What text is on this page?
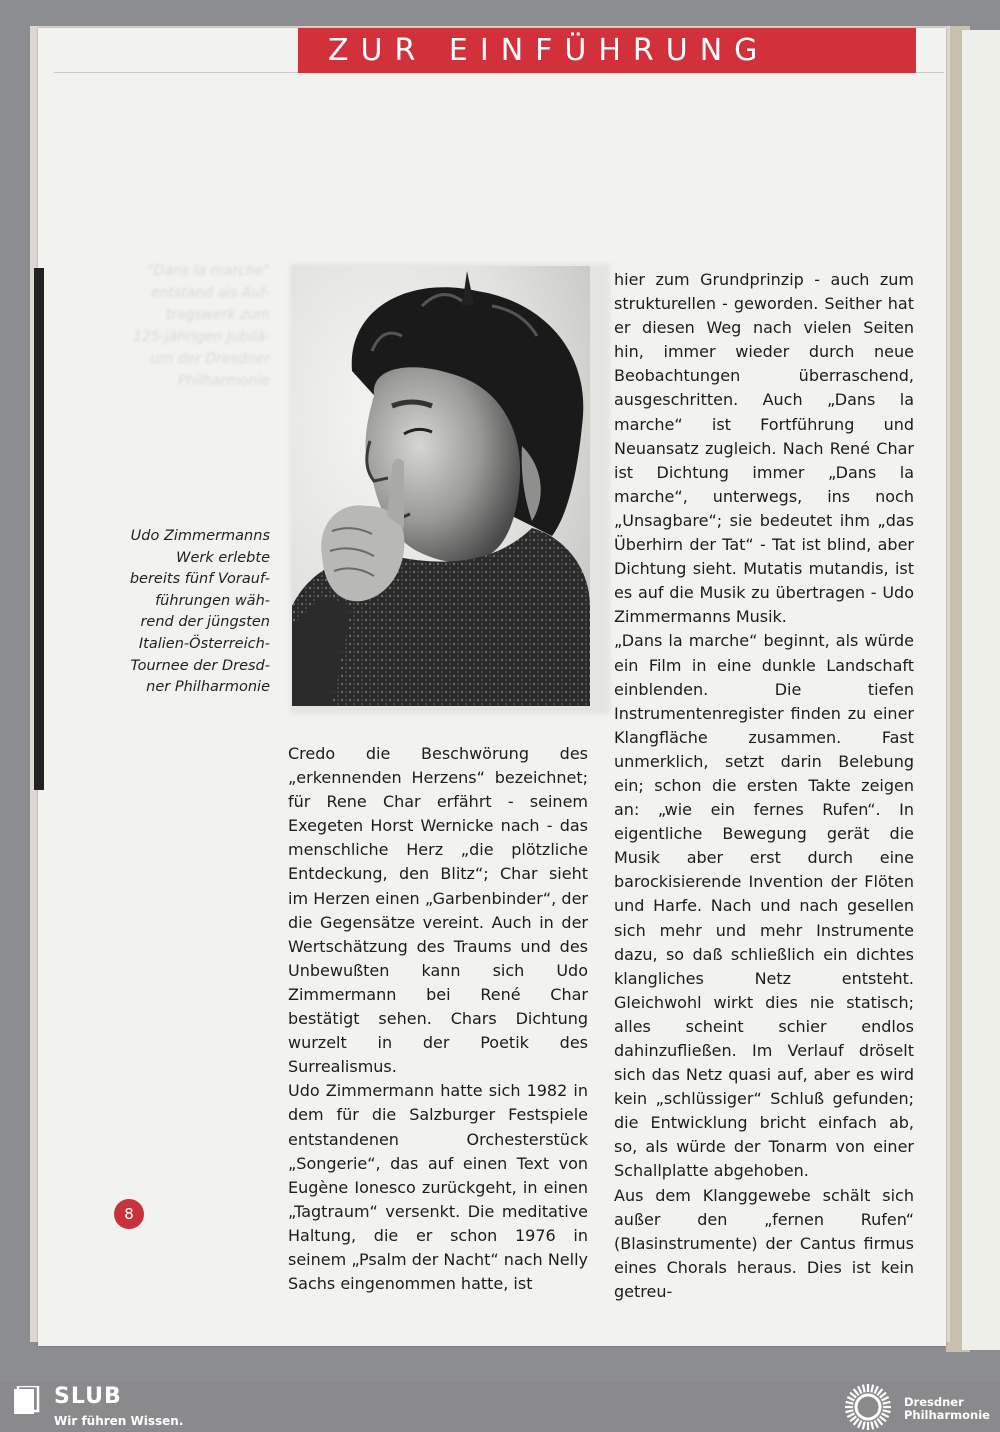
ZUR EINFÜHRUNG
"Dans la marche"
entstand als Auf-
tragswerk zum
125-jährigen Jubilä-
um der Dresdner
Philharmonie
Udo Zimmermanns
Werk erlebte
bereits fünf Vorauf-
führungen wäh-
rend der jüngsten
Italien-Österreich-
Tournee der Dresd-
ner Philharmonie

Credo die Beschwörung des „erkennenden Herzens“ bezeichnet; für Rene Char erfährt - seinem Exegeten Horst Wernicke nach - das menschliche Herz „die plötzliche Entdeckung, den Blitz“; Char sieht im Herzen einen „Garbenbinder“, der die Gegensätze vereint. Auch in der Wertschätzung des Traums und des Unbewußten kann sich Udo Zimmermann bei René Char bestätigt sehen. Chars Dichtung wurzelt in der Poetik des Surrealismus.

Udo Zimmermann hatte sich 1982 in dem für die Salzburger Festspiele entstandenen Orchesterstück „Songerie“, das auf einen Text von Eugène Ionesco zurückgeht, in einen „Tagtraum“ versenkt. Die meditative Haltung, die er schon 1976 in seinem „Psalm der Nacht“ nach Nelly Sachs eingenommen hatte, ist

hier zum Grundprinzip - auch zum strukturellen - geworden. Seither hat er diesen Weg nach vielen Seiten hin, immer wieder durch neue Beobachtungen überraschend, ausgeschritten. Auch „Dans la marche“ ist Fortführung und Neuansatz zugleich. Nach René Char ist Dichtung immer „Dans la marche“, unterwegs, ins noch „Unsagbare“; sie bedeutet ihm „das Überhirn der Tat“ - Tat ist blind, aber Dichtung sieht. Mutatis mutandis, ist es auf die Musik zu übertragen - Udo Zimmermanns Musik.

„Dans la marche“ beginnt, als würde ein Film in eine dunkle Landschaft einblenden. Die tiefen Instrumentenregister finden zu einer Klangfläche zusammen. Fast unmerklich, setzt darin Belebung ein; schon die ersten Takte zeigen an: „wie ein fernes Rufen“. In eigentliche Bewegung gerät die Musik aber erst durch eine barockisierende Invention der Flöten und Harfe. Nach und nach gesellen sich mehr und mehr Instrumente dazu, so daß schließlich ein dichtes klangliches Netz entsteht. Gleichwohl wirkt dies nie statisch; alles scheint schier endlos dahinzufließen. Im Verlauf dröselt sich das Netz quasi auf, aber es wird kein „schlüssiger“ Schluß gefunden; die Entwicklung bricht einfach ab, so, als würde der Tonarm von einer Schallplatte abgehoben.

Aus dem Klanggewebe schält sich außer den „fernen Rufen“ (Blasinstrumente) der Cantus firmus eines Chorals heraus. Dies ist kein getreu-

8
SLUB
Wir führen Wissen.
Dresdner
Philharmonie
